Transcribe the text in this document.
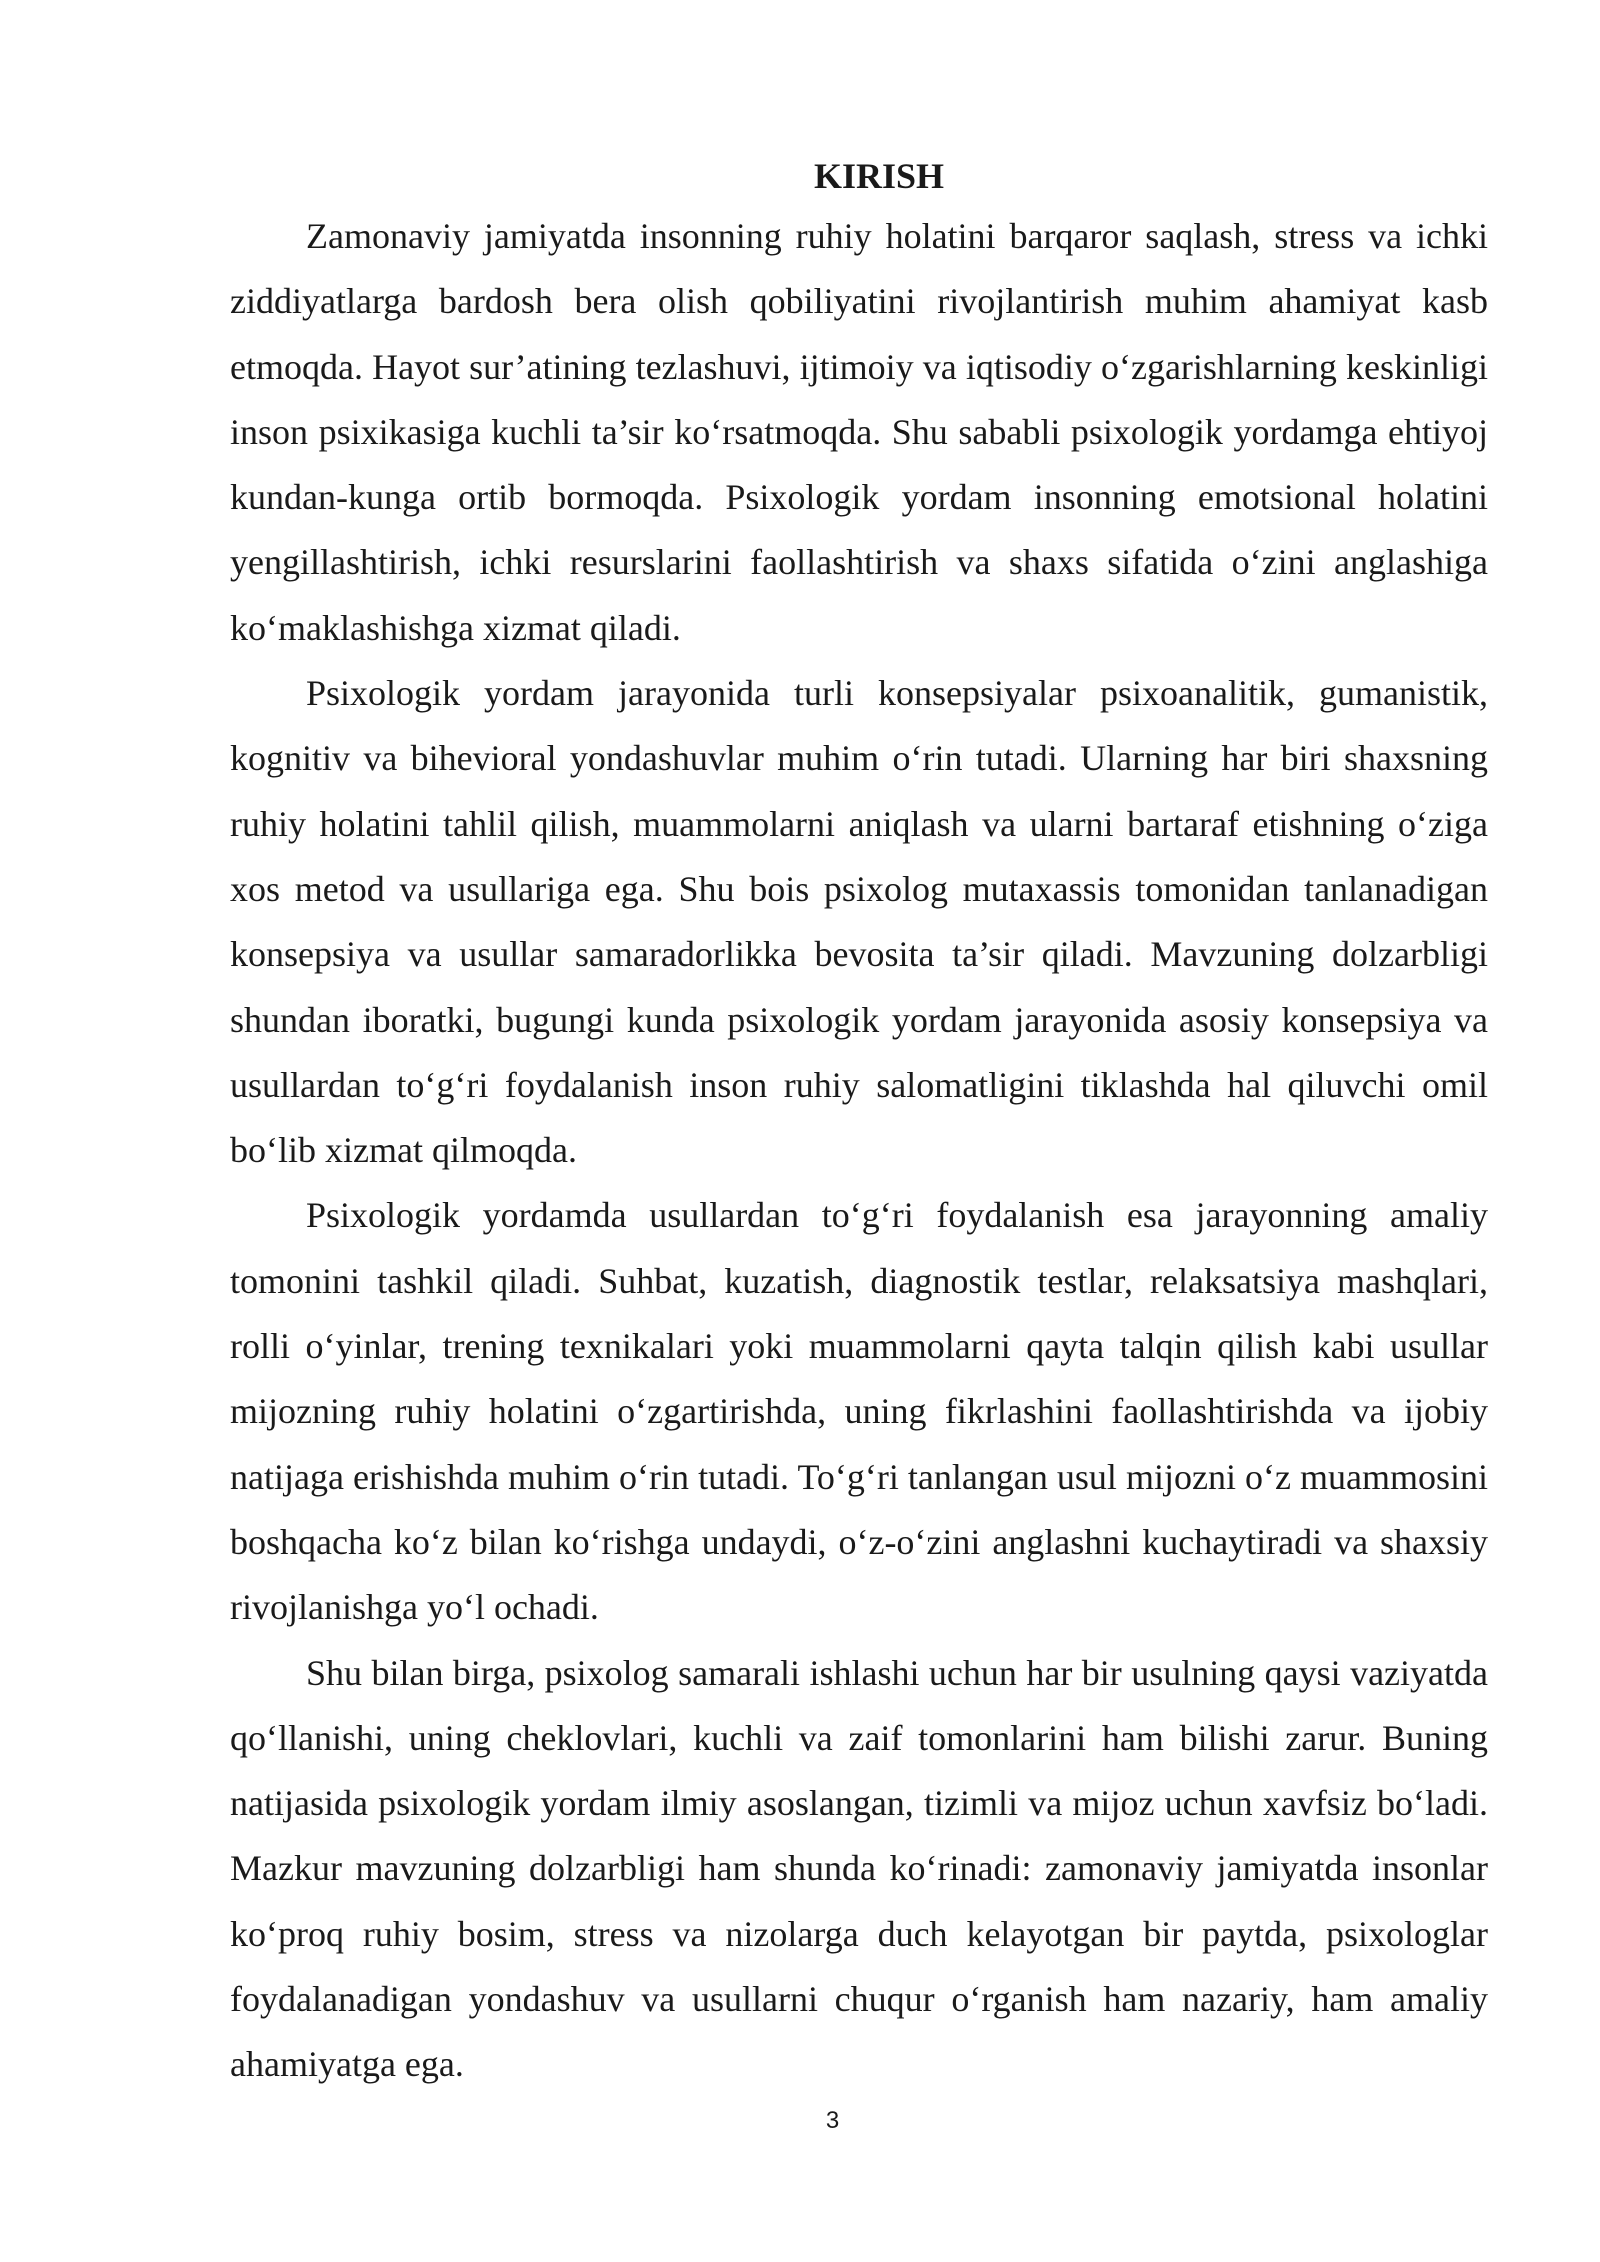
KIRISH

Zamonaviy jamiyatda insonning ruhiy holatini barqaror saqlash, stress va ichki ziddiyatlarga bardosh bera olish qobiliyatini rivojlantirish muhim ahamiyat kasb etmoqda. Hayot sur’atining tezlashuvi, ijtimoiy va iqtisodiy o‘zgarishlarning keskinligi inson psixikasiga kuchli ta’sir ko‘rsatmoqda. Shu sababli psixologik yordamga ehtiyoj kundan-kunga ortib bormoqda. Psixologik yordam insonning emotsional holatini yengillashtirish, ichki resurslarini faollashtirish va shaxs sifatida o‘zini anglashiga ko‘maklashishga xizmat qiladi.

Psixologik yordam jarayonida turli konsepsiyalar psixoanalitik, gumanistik, kognitiv va bihevioral yondashuvlar muhim o‘rin tutadi. Ularning har biri shaxsning ruhiy holatini tahlil qilish, muammolarni aniqlash va ularni bartaraf etishning o‘ziga xos metod va usullariga ega. Shu bois psixolog mutaxassis tomonidan tanlanadigan konsepsiya va usullar samaradorlikka bevosita ta’sir qiladi. Mavzuning dolzarbligi shundan iboratki, bugungi kunda psixologik yordam jarayonida asosiy konsepsiya va usullardan to‘g‘ri foydalanish inson ruhiy salomatligini tiklashda hal qiluvchi omil bo‘lib xizmat qilmoqda.

Psixologik yordamda usullardan to‘g‘ri foydalanish esa jarayonning amaliy tomonini tashkil qiladi. Suhbat, kuzatish, diagnostik testlar, relaksatsiya mashqlari, rolli o‘yinlar, trening texnikalari yoki muammolarni qayta talqin qilish kabi usullar mijozning ruhiy holatini o‘zgartirishda, uning fikrlashini faollashtirishda va ijobiy natijaga erishishda muhim o‘rin tutadi. To‘g‘ri tanlangan usul mijozni o‘z muammosini boshqacha ko‘z bilan ko‘rishga undaydi, o‘z-o‘zini anglashni kuchaytiradi va shaxsiy rivojlanishga yo‘l ochadi.

Shu bilan birga, psixolog samarali ishlashi uchun har bir usulning qaysi vaziyatda qo‘llanishi, uning cheklovlari, kuchli va zaif tomonlarini ham bilishi zarur. Buning natijasida psixologik yordam ilmiy asoslangan, tizimli va mijoz uchun xavfsiz bo‘ladi. Mazkur mavzuning dolzarbligi ham shunda ko‘rinadi: zamonaviy jamiyatda insonlar ko‘proq ruhiy bosim, stress va nizolarga duch kelayotgan bir paytda, psixologlar foydalanadigan yondashuv va usullarni chuqur o‘rganish ham nazariy, ham amaliy ahamiyatga ega.

3
